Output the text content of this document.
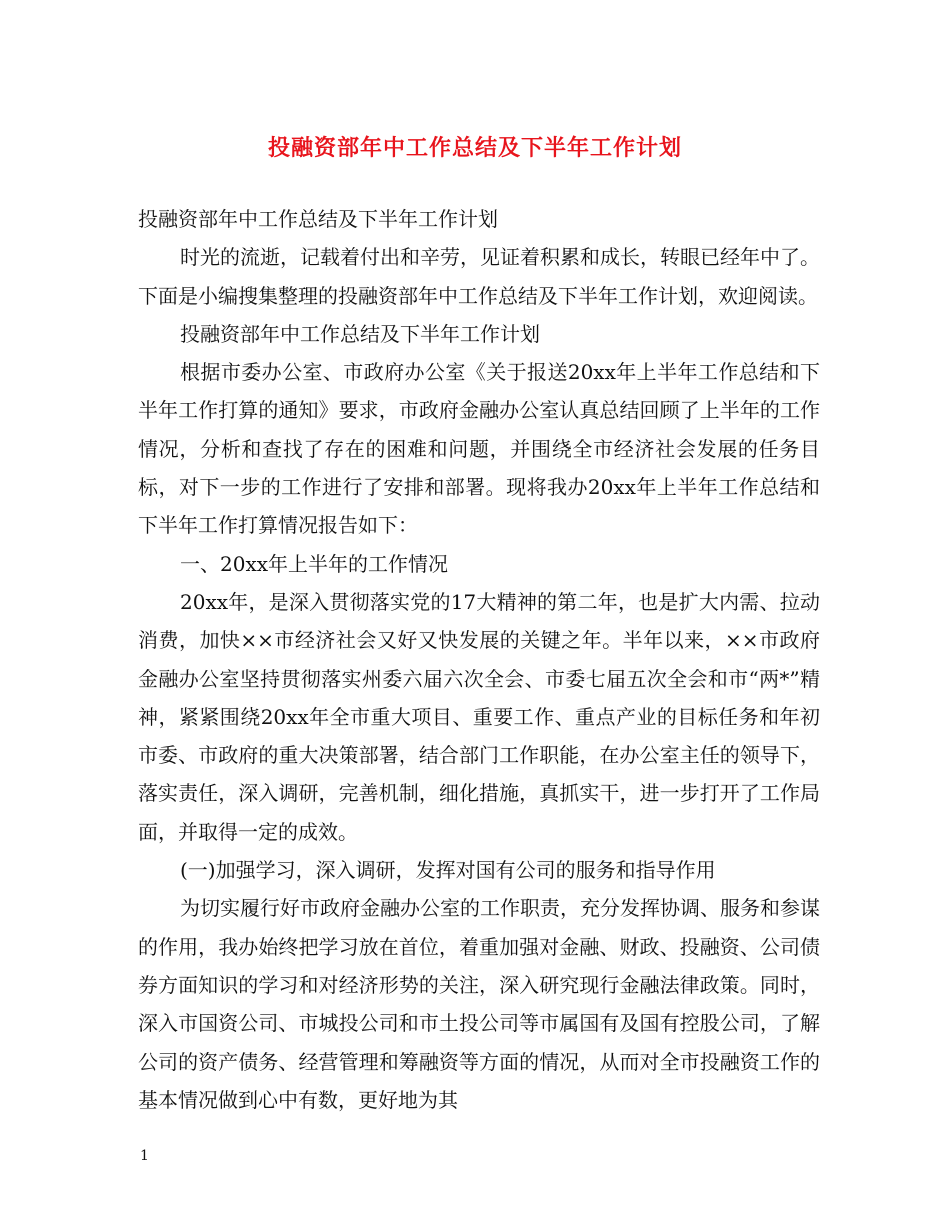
投融资部年中工作总结及下半年工作计划

投融资部年中工作总结及下半年工作计划

时光的流逝，记载着付出和辛劳，见证着积累和成长，转眼已经年中了。下面是小编搜集整理的投融资部年中工作总结及下半年工作计划，欢迎阅读。

投融资部年中工作总结及下半年工作计划

根据市委办公室、市政府办公室《关于报送20xx年上半年工作总结和下半年工作打算的通知》要求，市政府金融办公室认真总结回顾了上半年的工作情况，分析和查找了存在的困难和问题，并围绕全市经济社会发展的任务目标，对下一步的工作进行了安排和部署。现将我办20xx年上半年工作总结和下半年工作打算情况报告如下：

一、20xx年上半年的工作情况

20xx年，是深入贯彻落实党的17大精神的第二年，也是扩大内需、拉动消费，加快××市经济社会又好又快发展的关键之年。半年以来，××市政府金融办公室坚持贯彻落实州委六届六次全会、市委七届五次全会和市“两*”精神，紧紧围绕20xx年全市重大项目、重要工作、重点产业的目标任务和年初市委、市政府的重大决策部署，结合部门工作职能，在办公室主任的领导下，落实责任，深入调研，完善机制，细化措施，真抓实干，进一步打开了工作局面，并取得一定的成效。

(一)加强学习，深入调研，发挥对国有公司的服务和指导作用

为切实履行好市政府金融办公室的工作职责，充分发挥协调、服务和参谋的作用，我办始终把学习放在首位，着重加强对金融、财政、投融资、公司债券方面知识的学习和对经济形势的关注，深入研究现行金融法律政策。同时，深入市国资公司、市城投公司和市土投公司等市属国有及国有控股公司，了解公司的资产债务、经营管理和筹融资等方面的情况，从而对全市投融资工作的基本情况做到心中有数，更好地为其

1
